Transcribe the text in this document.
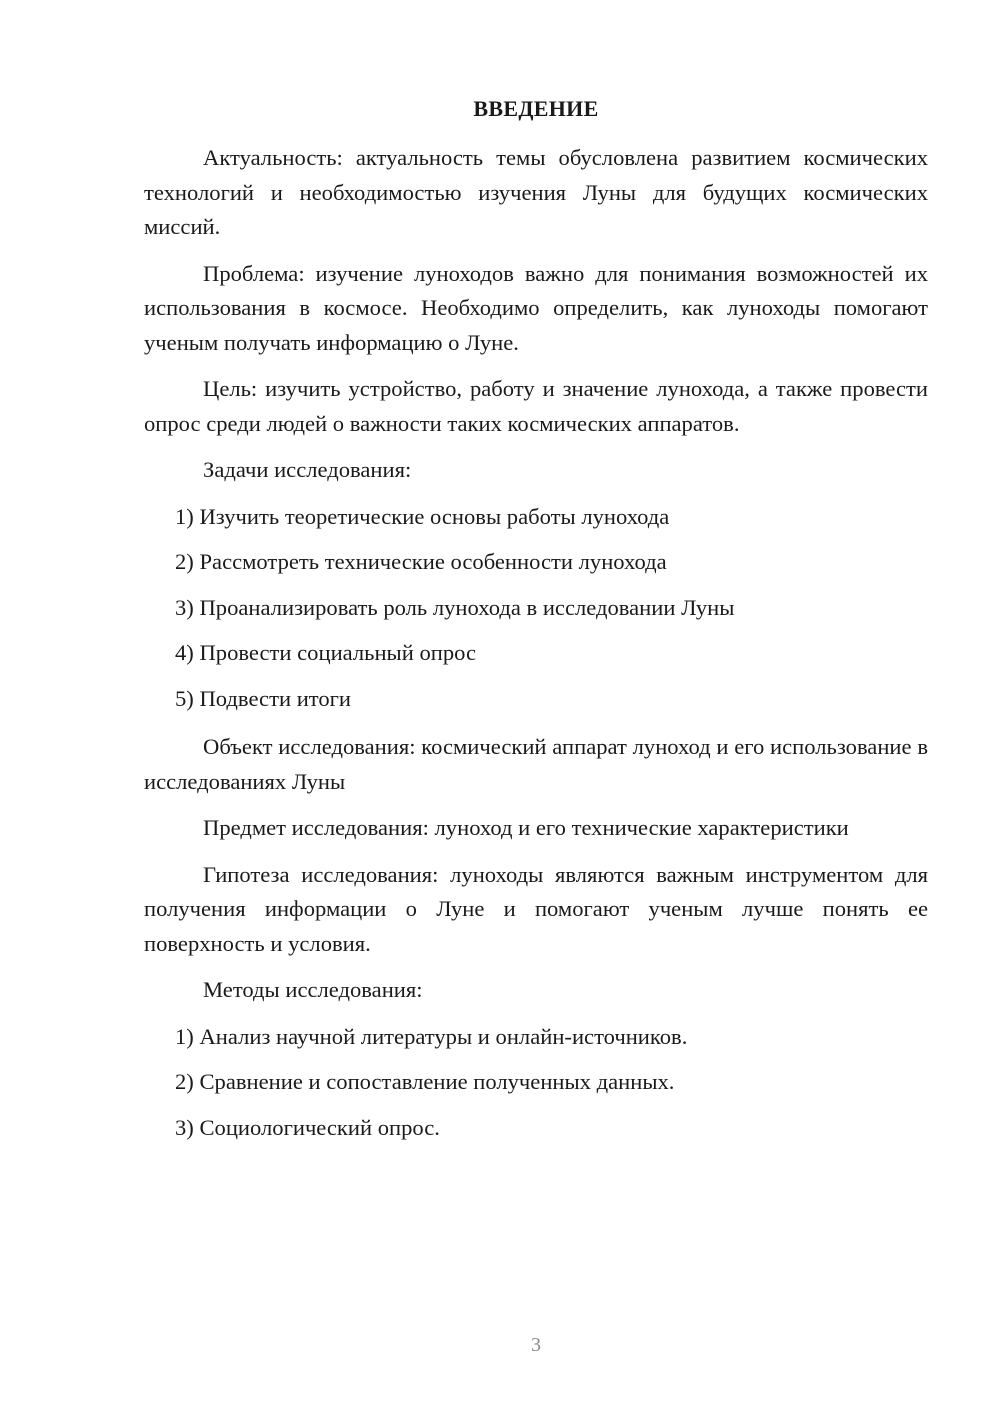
ВВЕДЕНИЕ

Актуальность: актуальность темы обусловлена развитием космических технологий и необходимостью изучения Луны для будущих космических миссий.

Проблема: изучение луноходов важно для понимания возможностей их использования в космосе. Необходимо определить, как луноходы помогают ученым получать информацию о Луне.

Цель: изучить устройство, работу и значение лунохода, а также провести опрос среди людей о важности таких космических аппаратов.

Задачи исследования:

1) Изучить теоретические основы работы лунохода

2) Рассмотреть технические особенности лунохода

3) Проанализировать роль лунохода в исследовании Луны

4) Провести социальный опрос

5) Подвести итоги

Объект исследования: космический аппарат луноход и его использование в исследованиях Луны

Предмет исследования: луноход и его технические характеристики

Гипотеза исследования: луноходы являются важным инструментом для получения информации о Луне и помогают ученым лучше понять ее поверхность и условия.

Методы исследования:

1) Анализ научной литературы и онлайн-источников.

2) Сравнение и сопоставление полученных данных.

3) Социологический опрос.

3
